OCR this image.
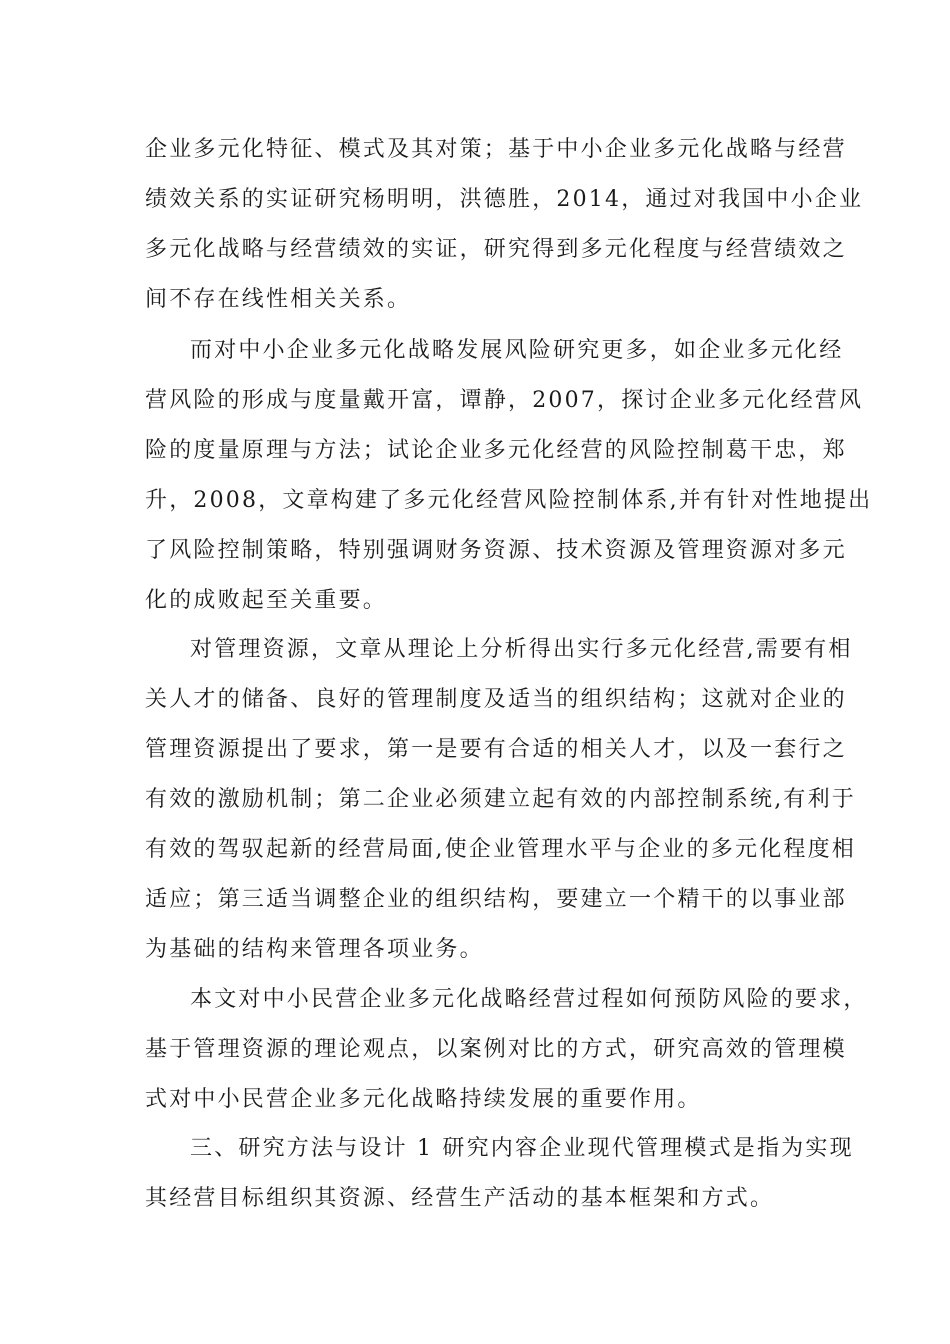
企业多元化特征、模式及其对策；基于中小企业多元化战略与经营
绩效关系的实证研究杨明明，洪德胜，2014，通过对我国中小企业
多元化战略与经营绩效的实证，研究得到多元化程度与经营绩效之
间不存在线性相关关系。
而对中小企业多元化战略发展风险研究更多，如企业多元化经
营风险的形成与度量戴开富，谭静，2007，探讨企业多元化经营风
险的度量原理与方法；试论企业多元化经营的风险控制葛干忠，郑
升，2008，文章构建了多元化经营风险控制体系,并有针对性地提出
了风险控制策略，特别强调财务资源、技术资源及管理资源对多元
化的成败起至关重要。
对管理资源，文章从理论上分析得出实行多元化经营,需要有相
关人才的储备、良好的管理制度及适当的组织结构；这就对企业的
管理资源提出了要求，第一是要有合适的相关人才，以及一套行之
有效的激励机制；第二企业必须建立起有效的内部控制系统,有利于
有效的驾驭起新的经营局面,使企业管理水平与企业的多元化程度相
适应；第三适当调整企业的组织结构，要建立一个精干的以事业部
为基础的结构来管理各项业务。
本文对中小民营企业多元化战略经营过程如何预防风险的要求，
基于管理资源的理论观点，以案例对比的方式，研究高效的管理模
式对中小民营企业多元化战略持续发展的重要作用。
三、研究方法与设计 1 研究内容企业现代管理模式是指为实现
其经营目标组织其资源、经营生产活动的基本框架和方式。
